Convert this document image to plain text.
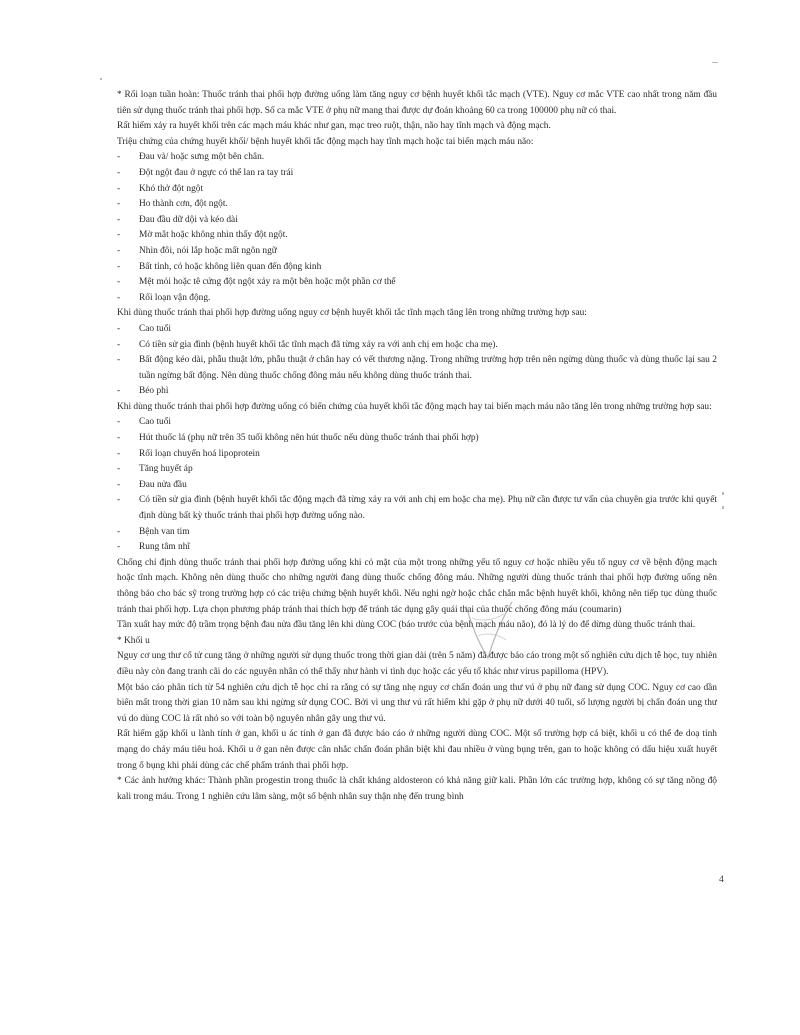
* Rối loạn tuần hoàn: Thuốc tránh thai phối hợp đường uống làm tăng nguy cơ bệnh huyết khối tắc mạch (VTE). Nguy cơ mắc VTE cao nhất trong năm đầu tiên sử dụng thuốc tránh thai phối hợp. Số ca mắc VTE ở phụ nữ mang thai được dự đoán khoảng 60 ca trong 100000 phụ nữ có thai.

Rất hiếm xảy ra huyết khối trên các mạch máu khác như gan, mạc treo ruột, thận, não hay tĩnh mạch và động mạch.

Triệu chứng của chứng huyết khối/ bệnh huyết khối tắc động mạch hay tĩnh mạch hoặc tai biến mạch máu não:

- Đau và/ hoặc sưng một bên chân.
- Đột ngột đau ở ngực có thể lan ra tay trái
- Khó thở đột ngột
- Ho thành cơn, đột ngột.
- Đau đầu dữ dội và kéo dài
- Mờ mắt hoặc không nhìn thấy đột ngột.
- Nhìn đôi, nói lắp hoặc mất ngôn ngữ
- Bất tỉnh, có hoặc không liên quan đến động kinh
- Mệt mỏi hoặc tê cứng đột ngột xảy ra một bên hoặc một phần cơ thể
- Rối loạn vận động.

Khi dùng thuốc tránh thai phối hợp đường uống nguy cơ bệnh huyết khối tắc tĩnh mạch tăng lên trong những trường hợp sau:

- Cao tuổi
- Có tiền sử gia đình (bệnh huyết khối tắc tĩnh mạch đã từng xảy ra với anh chị em hoặc cha mẹ).
- Bất động kéo dài, phẫu thuật lớn, phẫu thuật ở chân hay có vết thương nặng. Trong những trường hợp trên nên ngừng dùng thuốc và dùng thuốc lại sau 2 tuần ngừng bất động. Nên dùng thuốc chống đông máu nếu không dùng thuốc tránh thai.
- Béo phì

Khi dùng thuốc tránh thai phối hợp đường uống có biến chứng của huyết khối tắc động mạch hay tai biến mạch máu não tăng lên trong những trường hợp sau:

- Cao tuổi
- Hút thuốc lá (phụ nữ trên 35 tuổi không nên hút thuốc nếu dùng thuốc tránh thai phối hợp)
- Rối loạn chuyển hoá lipoprotein
- Tăng huyết áp
- Đau nửa đầu
- Có tiền sử gia đình (bệnh huyết khối tắc động mạch đã từng xảy ra với anh chị em hoặc cha mẹ). Phụ nữ cần được tư vấn của chuyên gia trước khi quyết định dùng bất kỳ thuốc tránh thai phối hợp đường uống nào.
- Bệnh van tim
- Rung tâm nhĩ

Chống chỉ định dùng thuốc tránh thai phối hợp đường uống khi có mặt của một trong những yếu tố nguy cơ hoặc nhiều yếu tố nguy cơ về bệnh động mạch hoặc tĩnh mạch. Không nên dùng thuốc cho những người đang dùng thuốc chống đông máu. Những người dùng thuốc tránh thai phối hợp đường uống nên thông báo cho bác sỹ trong trường hợp có các triệu chứng bệnh huyết khối. Nếu nghi ngờ hoặc chắc chắn mắc bệnh huyết khối, không nên tiếp tục dùng thuốc tránh thai phối hợp. Lựa chọn phương pháp tránh thai thích hợp để tránh tác dụng gây quái thai của thuốc chống đông máu (coumarin)

Tần xuất hay mức độ trầm trọng bệnh đau nửa đầu tăng lên khi dùng COC (báo trước của bệnh mạch máu não), đó là lý do để dừng dùng thuốc tránh thai.

* Khối u

Nguy cơ ung thư cổ tử cung tăng ở những người sử dụng thuốc trong thời gian dài (trên 5 năm) đã được báo cáo trong một số nghiên cứu dịch tễ học, tuy nhiên điều này còn đang tranh cãi do các nguyên nhân có thể thấy như hành vi tình dục hoặc các yếu tố khác như virus papilloma (HPV).

Một báo cáo phân tích từ 54 nghiên cứu dịch tễ học chỉ ra rằng có sự tăng nhẹ nguy cơ chẩn đoán ung thư vú ở phụ nữ đang sử dụng COC. Nguy cơ cao dần biến mất trong thời gian 10 năm sau khi ngừng sử dụng COC. Bởi vì ung thư vú rất hiếm khi gặp ở phụ nữ dưới 40 tuổi, số lượng người bị chẩn đoán ung thư vú do dùng COC là rất nhỏ so với toàn bộ nguyên nhân gây ung thư vú.

Rất hiếm gặp khối u lành tính ở gan, khối u ác tính ở gan đã được báo cáo ở những người dùng COC. Một số trường hợp cá biệt, khối u có thể đe doạ tính mạng do chảy máu tiêu hoá. Khối u ở gan nên được cân nhắc chẩn đoán phân biệt khi đau nhiều ở vùng bụng trên, gan to hoặc không có dấu hiệu xuất huyết trong ổ bụng khi phải dùng các chế phẩm tránh thai phối hợp.

* Các ảnh hưởng khác: Thành phần progestin trong thuốc là chất kháng aldosteron có khả năng giữ kali. Phần lớn các trường hợp, không có sự tăng nồng độ kali trong máu. Trong 1 nghiên cứu lâm sàng, một số bệnh nhân suy thận nhẹ đến trung bình

4
